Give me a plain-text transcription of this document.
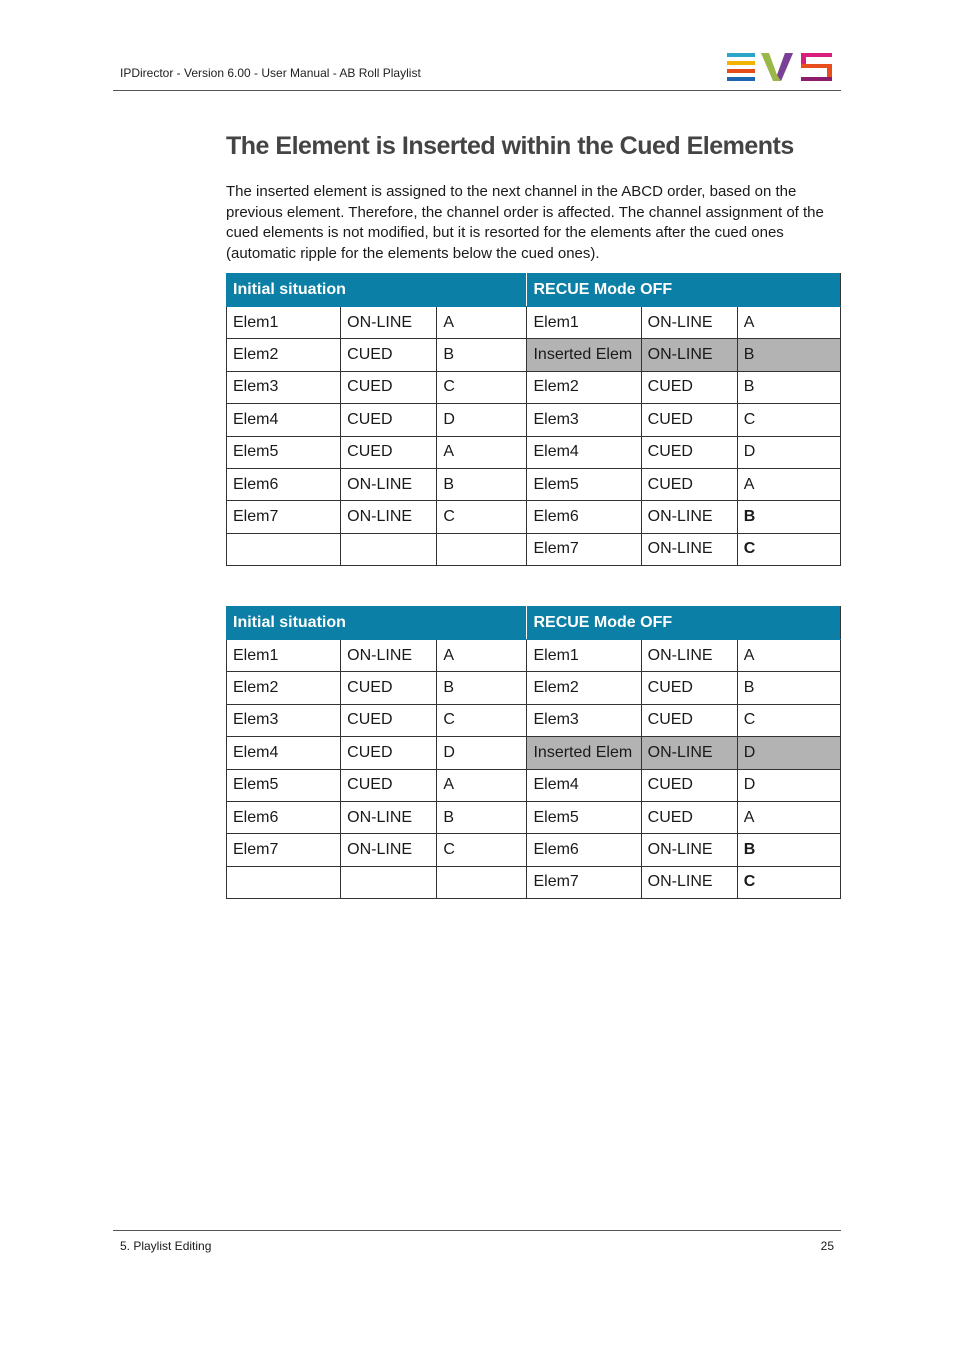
IPDirector - Version 6.00 - User Manual - AB Roll Playlist
The Element is Inserted within the Cued Elements

The inserted element is assigned to the next channel in the ABCD order, based on the previous element. Therefore, the channel order is affected. The channel assignment of the cued elements is not modified, but it is resorted for the elements after the cued ones (automatic ripple for the elements below the cued ones).

Initial situation			RECUE Mode OFF		
Elem1	ON-LINE	A	Elem1	ON-LINE	A
Elem2	CUED	B	Inserted Elem	ON-LINE	B
Elem3	CUED	C	Elem2	CUED	B
Elem4	CUED	D	Elem3	CUED	C
Elem5	CUED	A	Elem4	CUED	D
Elem6	ON-LINE	B	Elem5	CUED	A
Elem7	ON-LINE	C	Elem6	ON-LINE	B
			Elem7	ON-LINE	C
Initial situation			RECUE Mode OFF		
Elem1	ON-LINE	A	Elem1	ON-LINE	A
Elem2	CUED	B	Elem2	CUED	B
Elem3	CUED	C	Elem3	CUED	C
Elem4	CUED	D	Inserted Elem	ON-LINE	D
Elem5	CUED	A	Elem4	CUED	D
Elem6	ON-LINE	B	Elem5	CUED	A
Elem7	ON-LINE	C	Elem6	ON-LINE	B
			Elem7	ON-LINE	C
5. Playlist Editing	25
